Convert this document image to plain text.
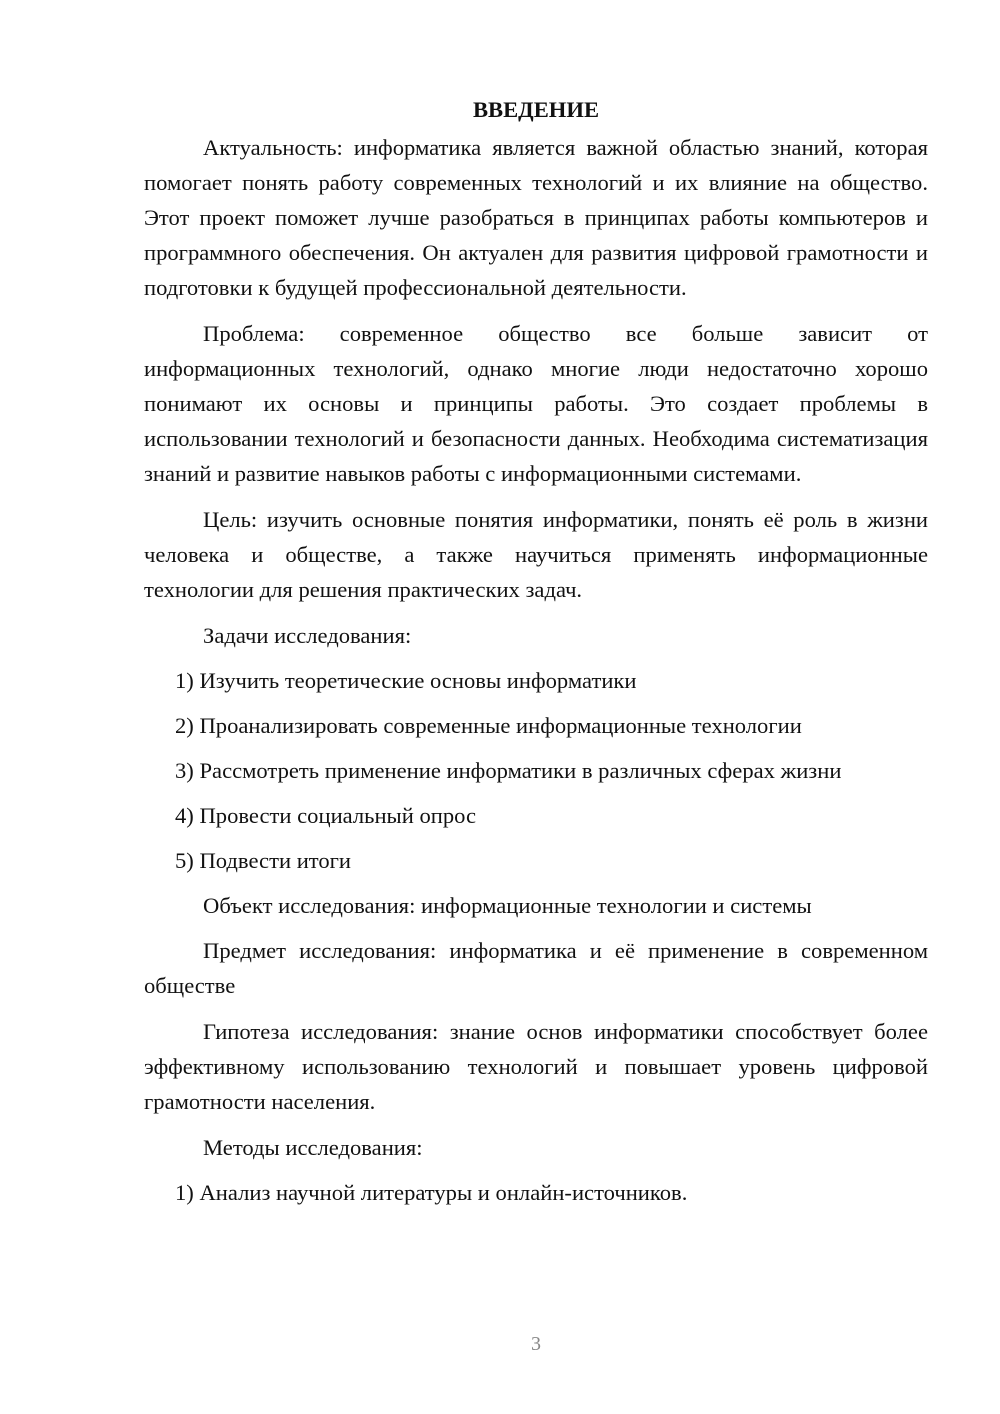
ВВЕДЕНИЕ

Актуальность: информатика является важной областью знаний, которая помогает понять работу современных технологий и их влияние на общество. Этот проект поможет лучше разобраться в принципах работы компьютеров и программного обеспечения. Он актуален для развития цифровой грамотности и подготовки к будущей профессиональной деятельности.

Проблема: современное общество все больше зависит от информационных технологий, однако многие люди недостаточно хорошо понимают их основы и принципы работы. Это создает проблемы в использовании технологий и безопасности данных. Необходима систематизация знаний и развитие навыков работы с информационными системами.

Цель: изучить основные понятия информатики, понять её роль в жизни человека и обществе, а также научиться применять информационные технологии для решения практических задач.

Задачи исследования:

1) Изучить теоретические основы информатики
2) Проанализировать современные информационные технологии
3) Рассмотреть применение информатики в различных сферах жизни
4) Провести социальный опрос
5) Подвести итоги

Объект исследования: информационные технологии и системы

Предмет исследования: информатика и её применение в современном обществе

Гипотеза исследования: знание основ информатики способствует более эффективному использованию технологий и повышает уровень цифровой грамотности населения.

Методы исследования:

1) Анализ научной литературы и онлайн-источников.
3
